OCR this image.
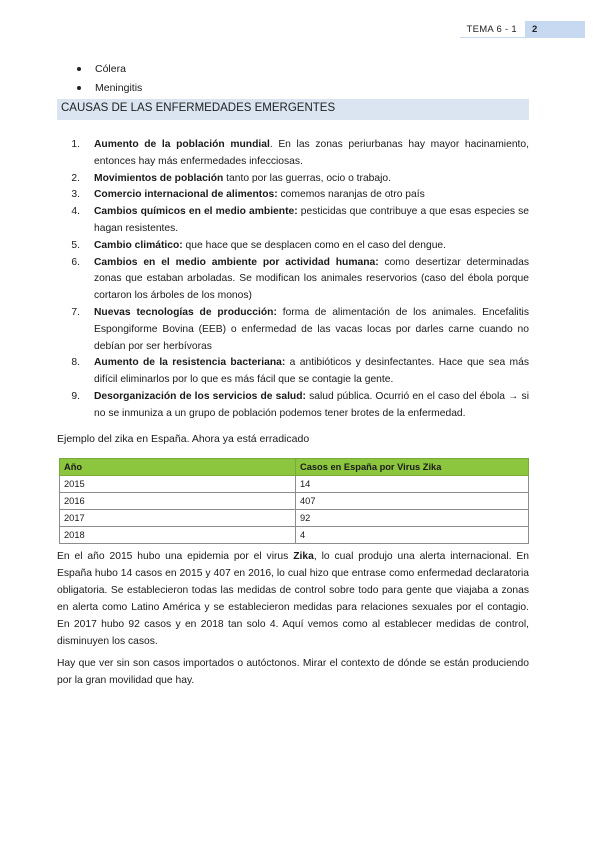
TEMA 6 - 1	2
Cólera
Meningitis
CAUSAS DE LAS ENFERMEDADES EMERGENTES
1.	Aumento de la población mundial. En las zonas periurbanas hay mayor hacinamiento, entonces hay más enfermedades infecciosas.
2.	Movimientos de población tanto por las guerras, ocio o trabajo.
3.	Comercio internacional de alimentos: comemos naranjas de otro país
4.	Cambios químicos en el medio ambiente: pesticidas que contribuye a que esas especies se hagan resistentes.
5.	Cambio climático: que hace que se desplacen como en el caso del dengue.
6.	Cambios en el medio ambiente por actividad humana: como desertizar determinadas zonas que estaban arboladas. Se modifican los animales reservorios (caso del ébola porque cortaron los árboles de los monos)
7.	Nuevas tecnologías de producción: forma de alimentación de los animales. Encefalitis Espongiforme Bovina (EEB) o enfermedad de las vacas locas por darles carne cuando no debían por ser herbívoras
8.	Aumento de la resistencia bacteriana: a antibióticos y desinfectantes. Hace que sea más difícil eliminarlos por lo que es más fácil que se contagie la gente.
9.	Desorganización de los servicios de salud: salud pública. Ocurrió en el caso del ébola → si no se inmuniza a un grupo de población podemos tener brotes de la enfermedad.
Ejemplo del zika en España. Ahora ya está erradicado
Año	Casos en España por Virus Zika
2015	14
2016	407
2017	92
2018	4

En el año 2015 hubo una epidemia por el virus Zika, lo cual produjo una alerta internacional. En España hubo 14 casos en 2015 y 407 en 2016, lo cual hizo que entrase como enfermedad declaratoria obligatoria. Se establecieron todas las medidas de control sobre todo para gente que viajaba a zonas en alerta como Latino América y se establecieron medidas para relaciones sexuales por el contagio. En 2017 hubo 92 casos y en 2018 tan solo 4. Aquí vemos como al establecer medidas de control, disminuyen los casos.

Hay que ver sin son casos importados o autóctonos. Mirar el contexto de dónde se están produciendo por la gran movilidad que hay.
